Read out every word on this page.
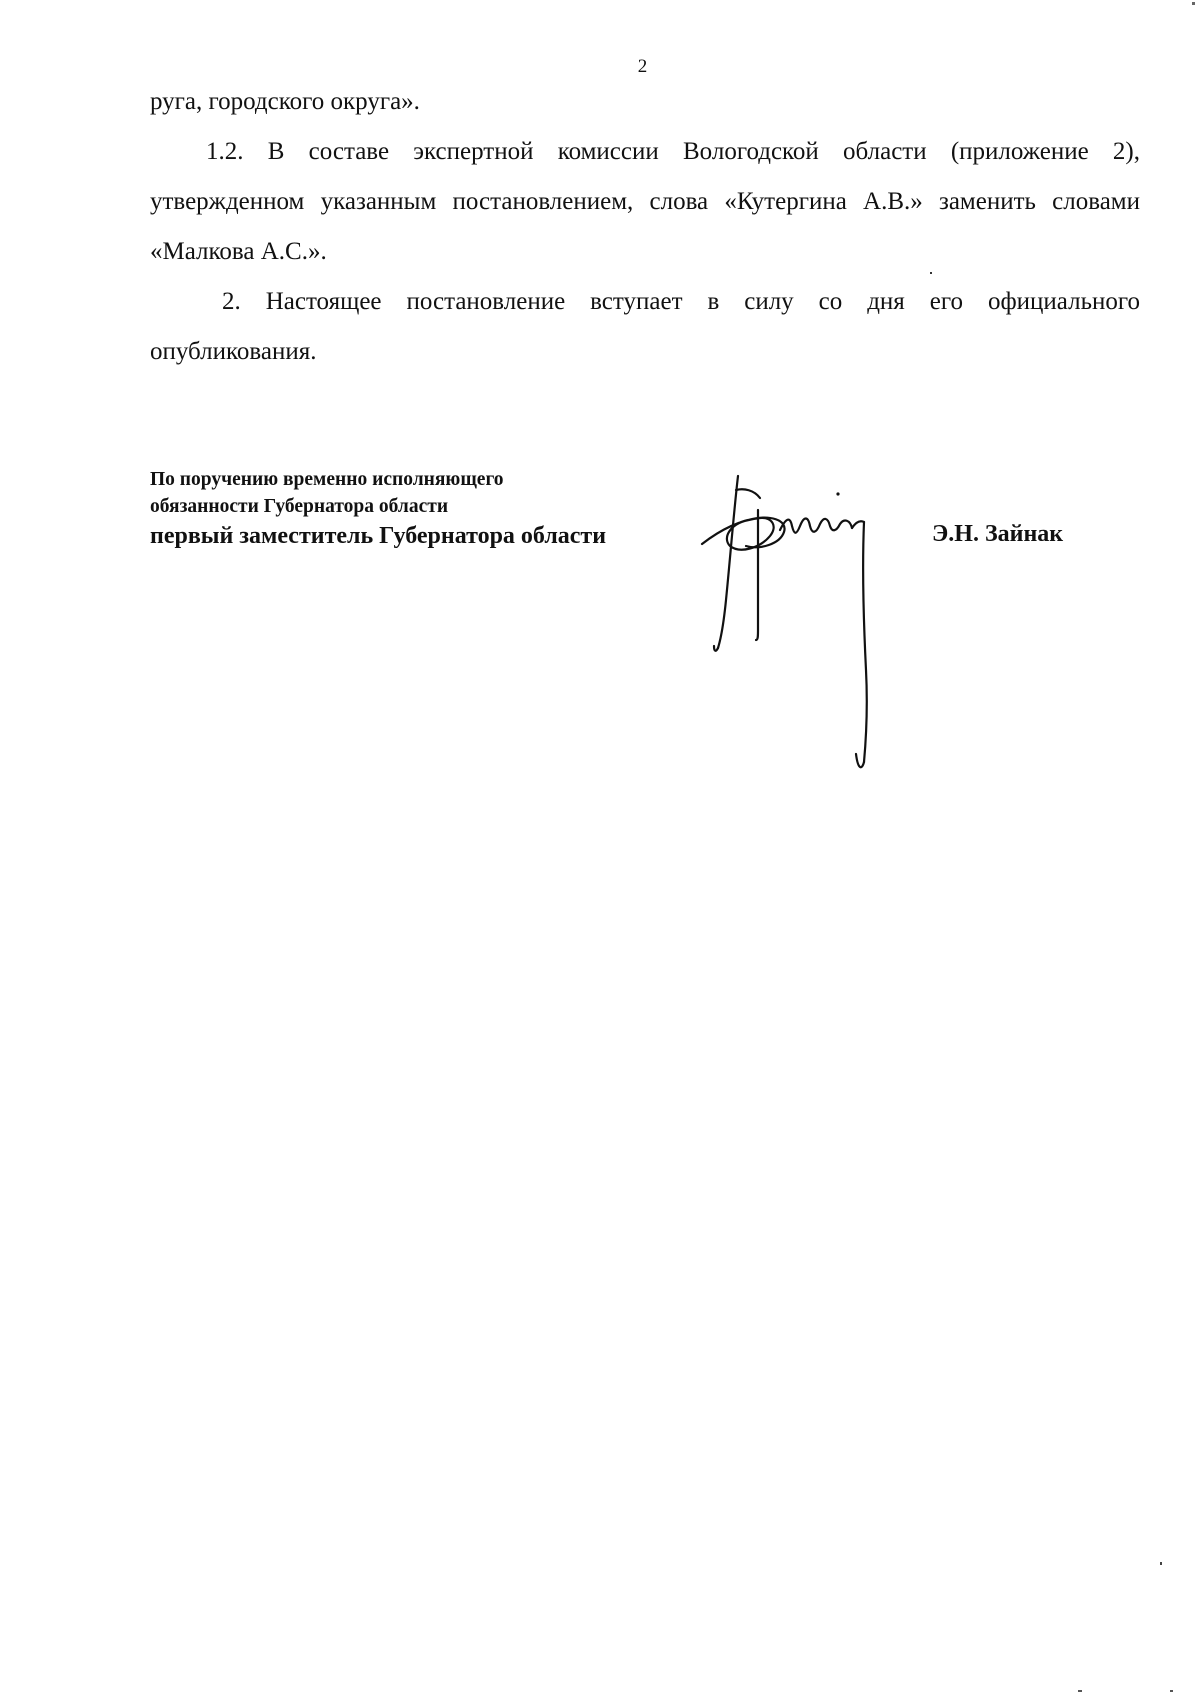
2

руга, городского округа».

1.2. В составе экспертной комиссии Вологодской области (приложение 2), утвержденном указанным постановлением, слова «Кутергина А.В.» заменить словами «Малкова А.С.».

2. Настоящее постановление вступает в силу со дня его официального опубликования.

По поручению временно исполняющего
обязанности Губернатора области
первый заместитель Губернатора области	Э.Н. Зайнак
